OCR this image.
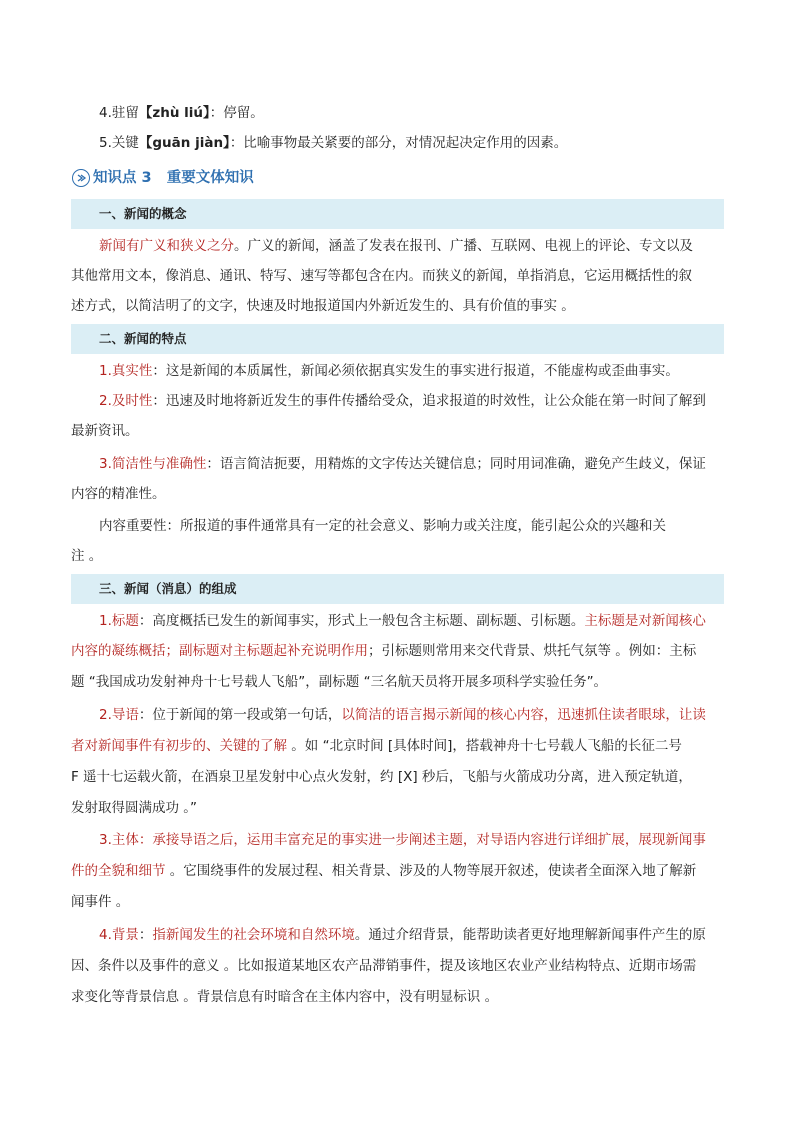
4.驻留【zhù liú】：停留。
5.关键【guān jiàn】：比喻事物最关紧要的部分，对情况起决定作用的因素。
知识点 3 重要文体知识
一、新闻的概念
新闻有广义和狭义之分。广义的新闻，涵盖了发表在报刊、广播、互联网、电视上的评论、专文以及
其他常用文本，像消息、通讯、特写、速写等都包含在内。而狭义的新闻，单指消息，它运用概括性的叙
述方式，以简洁明了的文字，快速及时地报道国内外新近发生的、具有价值的事实 。
二、新闻的特点
1.真实性：这是新闻的本质属性，新闻必须依据真实发生的事实进行报道，不能虚构或歪曲事实。
2.及时性：迅速及时地将新近发生的事件传播给受众，追求报道的时效性，让公众能在第一时间了解到
最新资讯。
3.简洁性与准确性：语言简洁扼要，用精炼的文字传达关键信息；同时用词准确，避免产生歧义，保证
内容的精准性。
内容重要性：所报道的事件通常具有一定的社会意义、影响力或关注度，能引起公众的兴趣和关
注 。
三、新闻（消息）的组成
1.标题：高度概括已发生的新闻事实，形式上一般包含主标题、副标题、引标题。主标题是对新闻核心
内容的凝练概括；副标题对主标题起补充说明作用；引标题则常用来交代背景、烘托气氛等 。例如：主标
题 “我国成功发射神舟十七号载人飞船”，副标题 “三名航天员将开展多项科学实验任务”。
2.导语：位于新闻的第一段或第一句话，以简洁的语言揭示新闻的核心内容，迅速抓住读者眼球，让读
者对新闻事件有初步的、关键的了解 。如 “北京时间 [具体时间]，搭载神舟十七号载人飞船的长征二号
F 遥十七运载火箭，在酒泉卫星发射中心点火发射，约 [X] 秒后，飞船与火箭成功分离，进入预定轨道，
发射取得圆满成功 。”
3.主体：承接导语之后，运用丰富充足的事实进一步阐述主题，对导语内容进行详细扩展，展现新闻事
件的全貌和细节 。它围绕事件的发展过程、相关背景、涉及的人物等展开叙述，使读者全面深入地了解新
闻事件 。
4.背景：指新闻发生的社会环境和自然环境。通过介绍背景，能帮助读者更好地理解新闻事件产生的原
因、条件以及事件的意义 。比如报道某地区农产品滞销事件，提及该地区农业产业结构特点、近期市场需
求变化等背景信息 。背景信息有时暗含在主体内容中，没有明显标识 。
